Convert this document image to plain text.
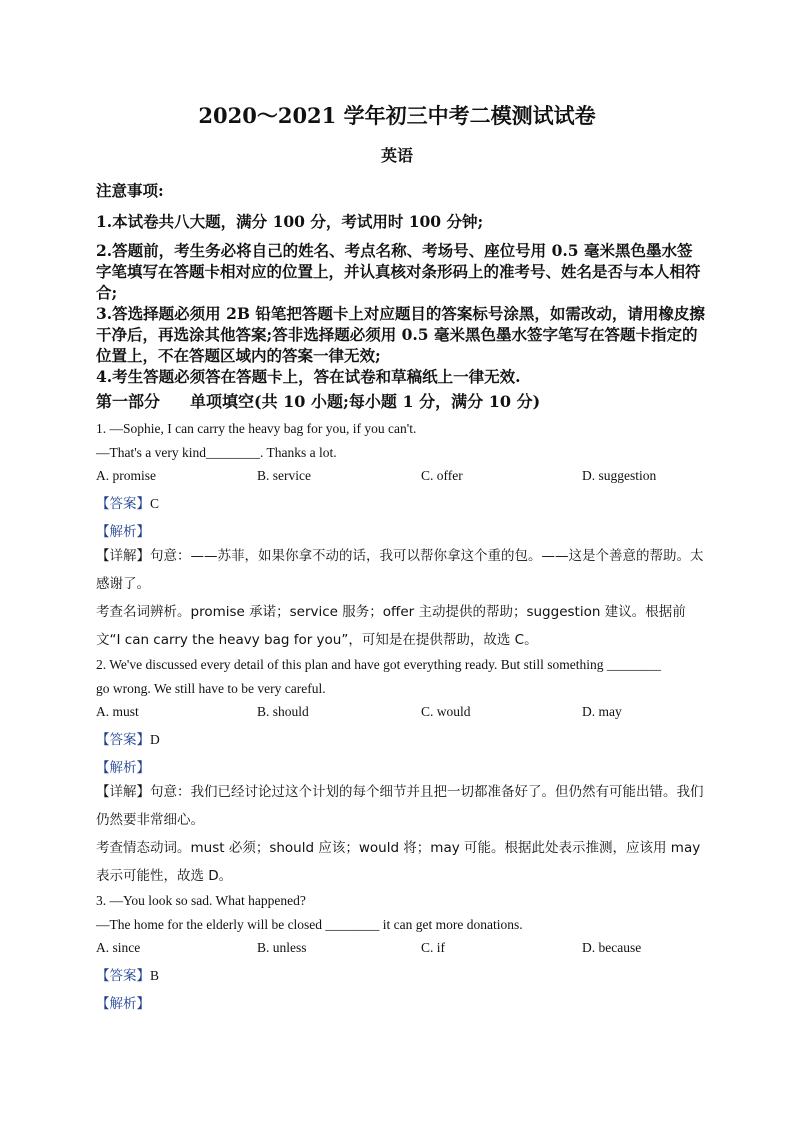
2020～2021 学年初三中考二模测试试卷
英语
注意事项:
1.本试卷共八大题，满分 100 分，考试用时 100 分钟;
2.答题前，考生务必将自己的姓名、考点名称、考场号、座位号用 0.5 毫米黑色墨水签字笔填写在答题卡相对应的位置上，并认真核对条形码上的准考号、姓名是否与本人相符合;
3.答选择题必须用 2B 铅笔把答题卡上对应题目的答案标号涂黑，如需改动，请用橡皮擦干净后，再选涂其他答案;答非选择题必须用 0.5 毫米黑色墨水签字笔写在答题卡指定的位置上，不在答题区域内的答案一律无效;
4.考生答题必须答在答题卡上，答在试卷和草稿纸上一律无效.
第一部分 单项填空(共 10 小题;每小题 1 分，满分 10 分)
1. —Sophie, I can carry the heavy bag for you, if you can't.
—That's a very kind________. Thanks a lot.
A. promise	B. service	C. offer	D. suggestion
【答案】C
【解析】
【详解】句意：——苏菲，如果你拿不动的话，我可以帮你拿这个重的包。——这是个善意的帮助。太感谢了。
考查名词辨析。promise 承诺；service 服务；offer 主动提供的帮助；suggestion 建议。根据前文“I can carry the heavy bag for you”，可知是在提供帮助，故选 C。
2. We've discussed every detail of this plan and have got everything ready. But still something ________
go wrong. We still have to be very careful.
A. must	B. should	C. would	D. may
【答案】D
【解析】
【详解】句意：我们已经讨论过这个计划的每个细节并且把一切都准备好了。但仍然有可能出错。我们仍然要非常细心。
考查情态动词。must 必须；should 应该；would 将；may 可能。根据此处表示推测，应该用 may 表示可能性，故选 D。
3. —You look so sad. What happened?
—The home for the elderly will be closed ________ it can get more donations.
A. since	B. unless	C. if	D. because
【答案】B
【解析】
